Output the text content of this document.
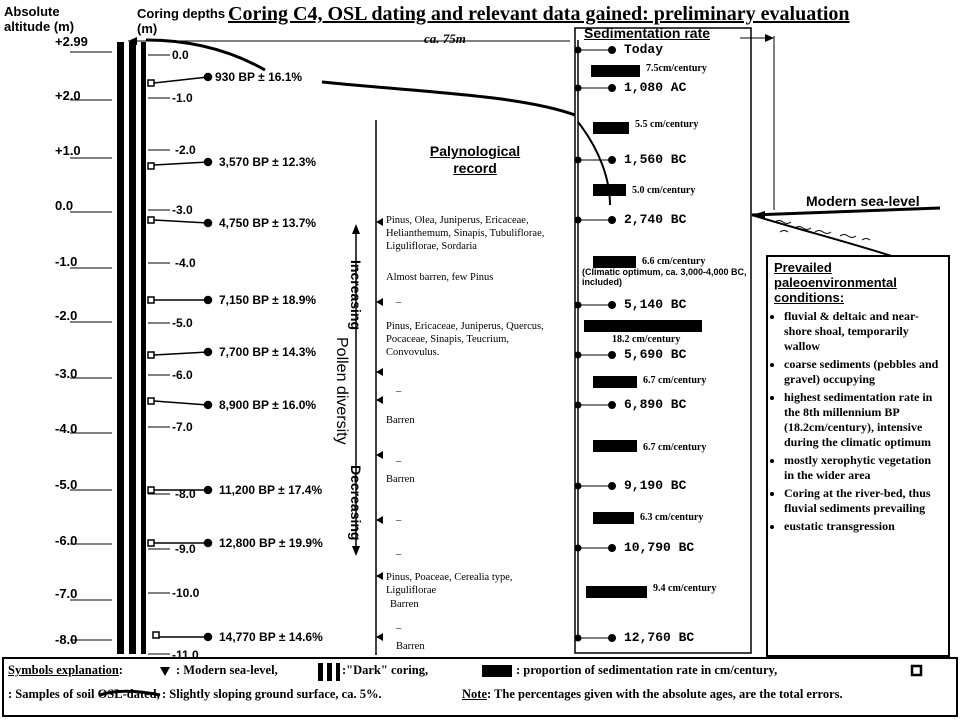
Coring C4, OSL dating and relevant data gained: preliminary evaluation
Absolute altitude (m)
Coring depths (m)
ca. 75m
+2.99
+2.0
+1.0
0.0
-1.0
-2.0
-3.0
-4.0
-5.0
-6.0
-7.0
-8.0
0.0
-1.0
-2.0
-3.0
-4.0
-5.0
-6.0
-7.0
-8.0
-9.0
-10.0
-11.0
930 BP ± 16.1%
3,570 BP ± 12.3%
4,750 BP ± 13.7%
7,150 BP ± 18.9%
7,700 BP ± 14.3%
8,900 BP ± 16.0%
11,200 BP ± 17.4%
12,800 BP ± 19.9%
14,770 BP ± 14.6%
Palynological record
Increasing
Pollen diversity
Decreasing
Pinus, Olea, Juniperus, Ericaceae, Helianthemum, Sinapis, Tubuliflorae, Liguliflorae, Sordaria
Almost barren, few Pinus
–
Pinus, Ericaceae, Juniperus, Quercus, Pocaceae, Sinapis, Teucrium, Convovulus.
–
Barren
–
Barren
–
–
Pinus, Poaceae, Cerealia type, Liguliflorae
Barren
–
Barren
Sedimentation rate
Today
1,080 AC
1,560 BC
2,740 BC
5,140 BC
5,690 BC
6,890 BC
9,190 BC
10,790 BC
12,760 BC
7.5cm/century
5.5 cm/century
5.0 cm/century
6.6 cm/century
18.2 cm/century
6.7 cm/century
6.7 cm/century
6.3 cm/century
9.4 cm/century
(Climatic optimum, ca. 3,000-4,000 BC, included)
Modern sea-level
Prevailed paleoenvironmental conditions:
• fluvial & deltaic and near-shore shoal, temporarily wallow
• coarse sediments (pebbles and gravel) occupying
• highest sedimentation rate in the 8th millennium BP (18.2cm/century), intensive during the climatic optimum
• mostly xerophytic vegetation in the wider area
• Coring at the river-bed, thus fluvial sediments prevailing
• eustatic transgression
Symbols explanation:	: Modern sea-level,	:"Dark" coring,	: proportion of sedimentation rate in cm/century,
: Samples of soil OSL-dated, : Slightly sloping ground surface, ca. 5%.	Note: The percentages given with the absolute ages, are the total errors.
